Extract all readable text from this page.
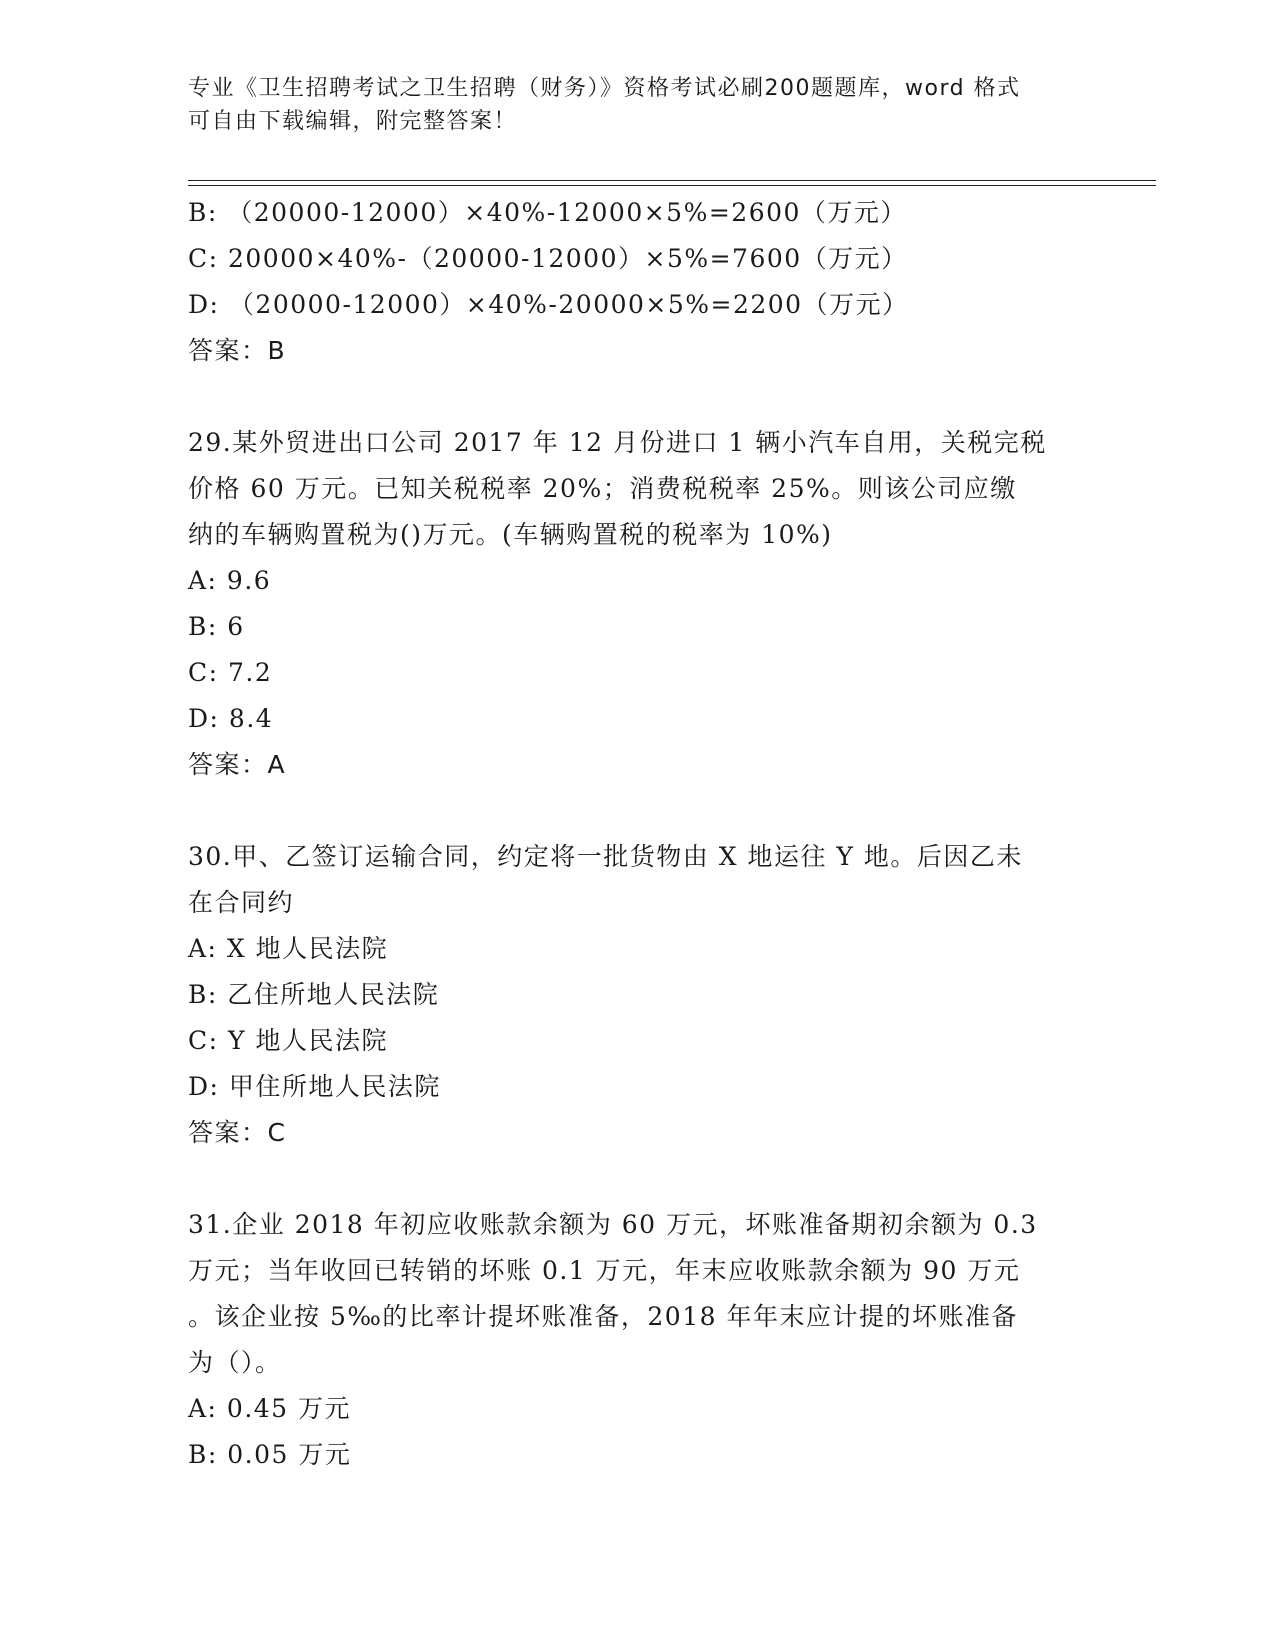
专业《卫生招聘考试之卫生招聘（财务）》资格考试必刷200题题库，word 格式
可自由下载编辑，附完整答案！
B: （20000-12000）×40%-12000×5%=2600（万元）
C: 20000×40%-（20000-12000）×5%=7600（万元）
D: （20000-12000）×40%-20000×5%=2200（万元）
答案：B
29.某外贸进出口公司 2017 年 12 月份进口 1 辆小汽车自用，关税完税
价格 60 万元。已知关税税率 20%；消费税税率 25%。则该公司应缴
纳的车辆购置税为()万元。(车辆购置税的税率为 10%)
A: 9.6
B: 6
C: 7.2
D: 8.4
答案：A
30.甲、乙签订运输合同，约定将一批货物由 X 地运往 Y 地。后因乙未
在合同约
A: X 地人民法院
B: 乙住所地人民法院
C: Y 地人民法院
D: 甲住所地人民法院
答案：C
31.企业 2018 年初应收账款余额为 60 万元，坏账准备期初余额为 0.3
万元；当年收回已转销的坏账 0.1 万元，年末应收账款余额为 90 万元
。该企业按 5‰的比率计提坏账准备，2018 年年末应计提的坏账准备
为（）。
A: 0.45 万元
B: 0.05 万元
